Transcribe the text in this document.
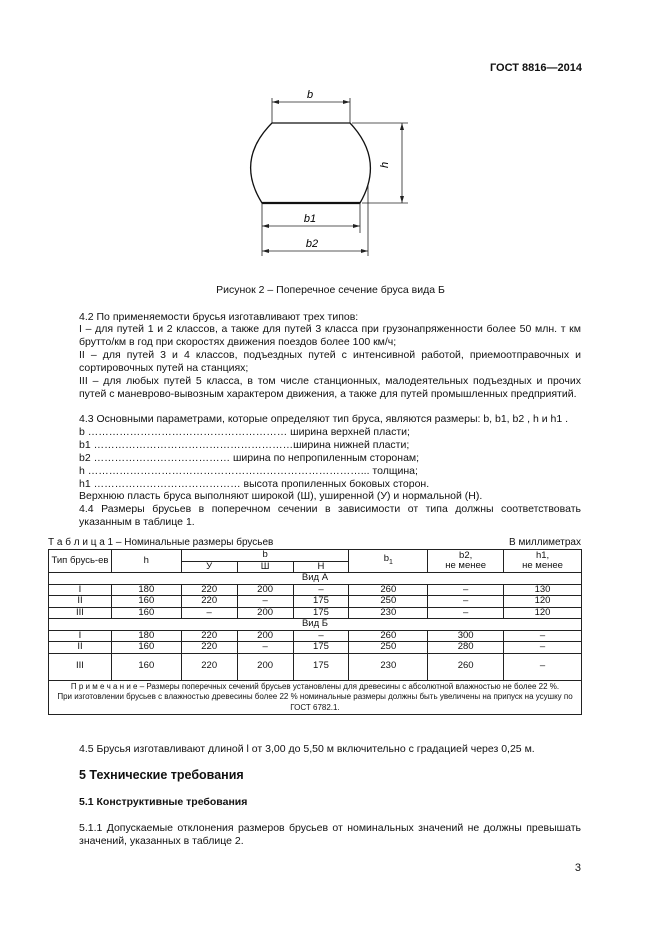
ГОСТ 8816—2014
b
h
b1
b2
Рисунок 2 – Поперечное сечение бруса вида Б
4.2 По применяемости брусья изготавливают трех типов:
I – для путей 1 и 2 классов, а также для путей 3 класса при грузонапряженности более 50 млн. т км брутто/км в год при скоростях движения поездов более 100 км/ч;
II – для путей 3 и 4 классов, подъездных путей с интенсивной работой, приемоотправочных и сортировочных путей на станциях;
III – для любых путей 5 класса, в том числе станционных, малодеятельных подъездных и прочих путей с маневрово-вывозным характером движения, а также для путей промышленных предприятий.
4.3 Основными параметрами, которые определяют тип бруса, являются размеры: b, b1, b2 , h и h1 .
b ………………………………………………… ширина верхней пласти;
b1 …………………………………………………ширина нижней пласти;
b2 ………………………………… ширина по непропиленным сторонам;
h ……………………………………………………………………... толщина;
h1 …………………………………… высота пропиленных боковых сторон.
Верхнюю пласть бруса выполняют широкой (Ш), уширенной (У) и нормальной (Н).
4.4 Размеры брусьев в поперечном сечении в зависимости от типа должны соответствовать указанным в таблице 1.
Т а б л и ц а 1 – Номинальные размеры брусьев	В миллиметрах
Тип брусь-ев	h	b			$b_1$	b2,
не менее	h1,
не менее
		У	Ш	Н			
Вид А							
I	180	220	200	–	260	–	130
II	160	220	–	175	250	–	120
III	160	–	200	175	230	–	120
Вид Б							
I	180	220	200	–	260	300	–
II	160	220	–	175	250	280	–
III	160	220	200	175	230	260	–

П р и м е ч а н и е – Размеры поперечных сечений брусьев установлены для древесины с абсолютной влажностью не более 22 %.
При изготовлении брусьев с влажностью древесины более 22 % номинальные размеры должны быть увеличены на припуск на усушку по ГОСТ 6782.1.							
4.5 Брусья изготавливают длиной l от 3,00 до 5,50 м включительно с градацией через 0,25 м.
5 Технические требования
5.1 Конструктивные требования
5.1.1 Допускаемые отклонения размеров брусьев от номинальных значений не должны превышать значений, указанных в таблице 2.
3
